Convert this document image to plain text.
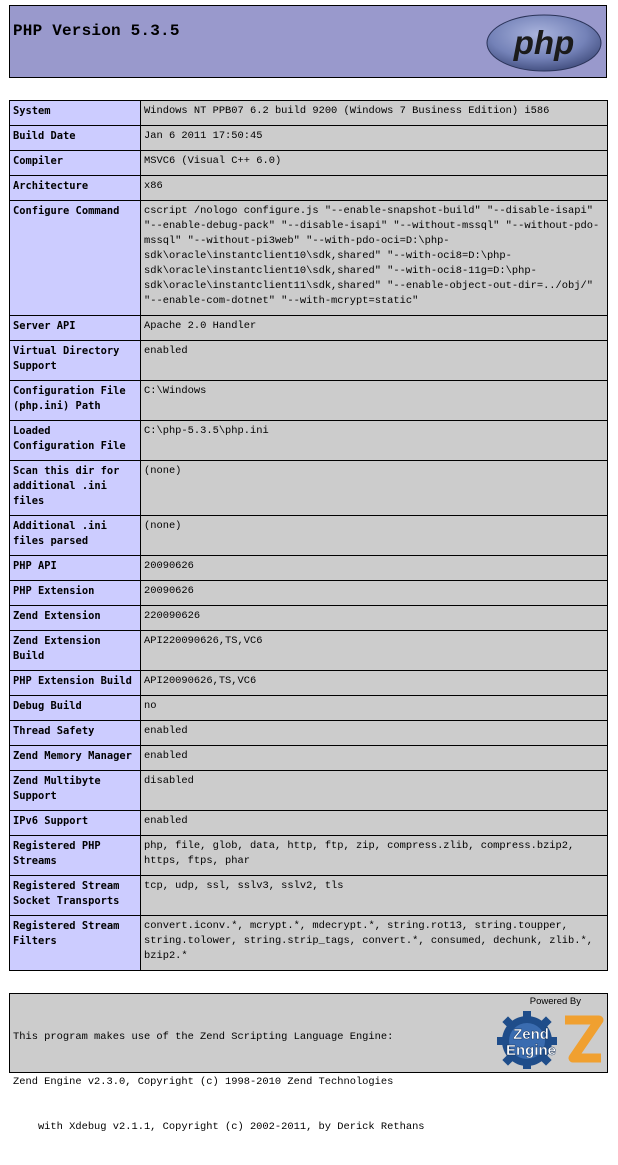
PHP Version 5.3.5	php
System	Windows NT PPB07 6.2 build 9200 (Windows 7 Business Edition) i586
Build Date	Jan 6 2011 17:50:45
Compiler	MSVC6 (Visual C++ 6.0)
Architecture	x86
Configure Command	cscript /nologo configure.js "--enable-snapshot-build" "--disable-isapi" "--enable-debug-pack" "--disable-isapi" "--without-mssql" "--without-pdo-mssql" "--without-pi3web" "--with-pdo-oci=D:\php-sdk\oracle\instantclient10\sdk,shared" "--with-oci8=D:\php-sdk\oracle\instantclient10\sdk,shared" "--with-oci8-11g=D:\php-sdk\oracle\instantclient11\sdk,shared" "--enable-object-out-dir=../obj/" "--enable-com-dotnet" "--with-mcrypt=static"
Server API	Apache 2.0 Handler
Virtual Directory Support	enabled
Configuration File (php.ini) Path	C:\Windows
Loaded Configuration File	C:\php-5.3.5\php.ini
Scan this dir for additional .ini files	(none)
Additional .ini files parsed	(none)
PHP API	20090626
PHP Extension	20090626
Zend Extension	220090626
Zend Extension Build	API220090626,TS,VC6
PHP Extension Build	API20090626,TS,VC6
Debug Build	no
Thread Safety	enabled
Zend Memory Manager	enabled
Zend Multibyte Support	disabled
IPv6 Support	enabled
Registered PHP Streams	php, file, glob, data, http, ftp, zip, compress.zlib, compress.bzip2, https, ftps, phar
Registered Stream Socket Transports	tcp, udp, ssl, sslv3, sslv2, tls
Registered Stream Filters	convert.iconv.*, mcrypt.*, mdecrypt.*, string.rot13, string.toupper, string.tolower, string.strip_tags, convert.*, consumed, dechunk, zlib.*, bzip2.*

This program makes use of the Zend Scripting Language Engine:

Zend Engine v2.3.0, Copyright (c) 1998-2010 Zend Technologies

with Xdebug v2.1.1, Copyright (c) 2002-2011, by Derick Rethans

Powered By
2
Zend
Engine
